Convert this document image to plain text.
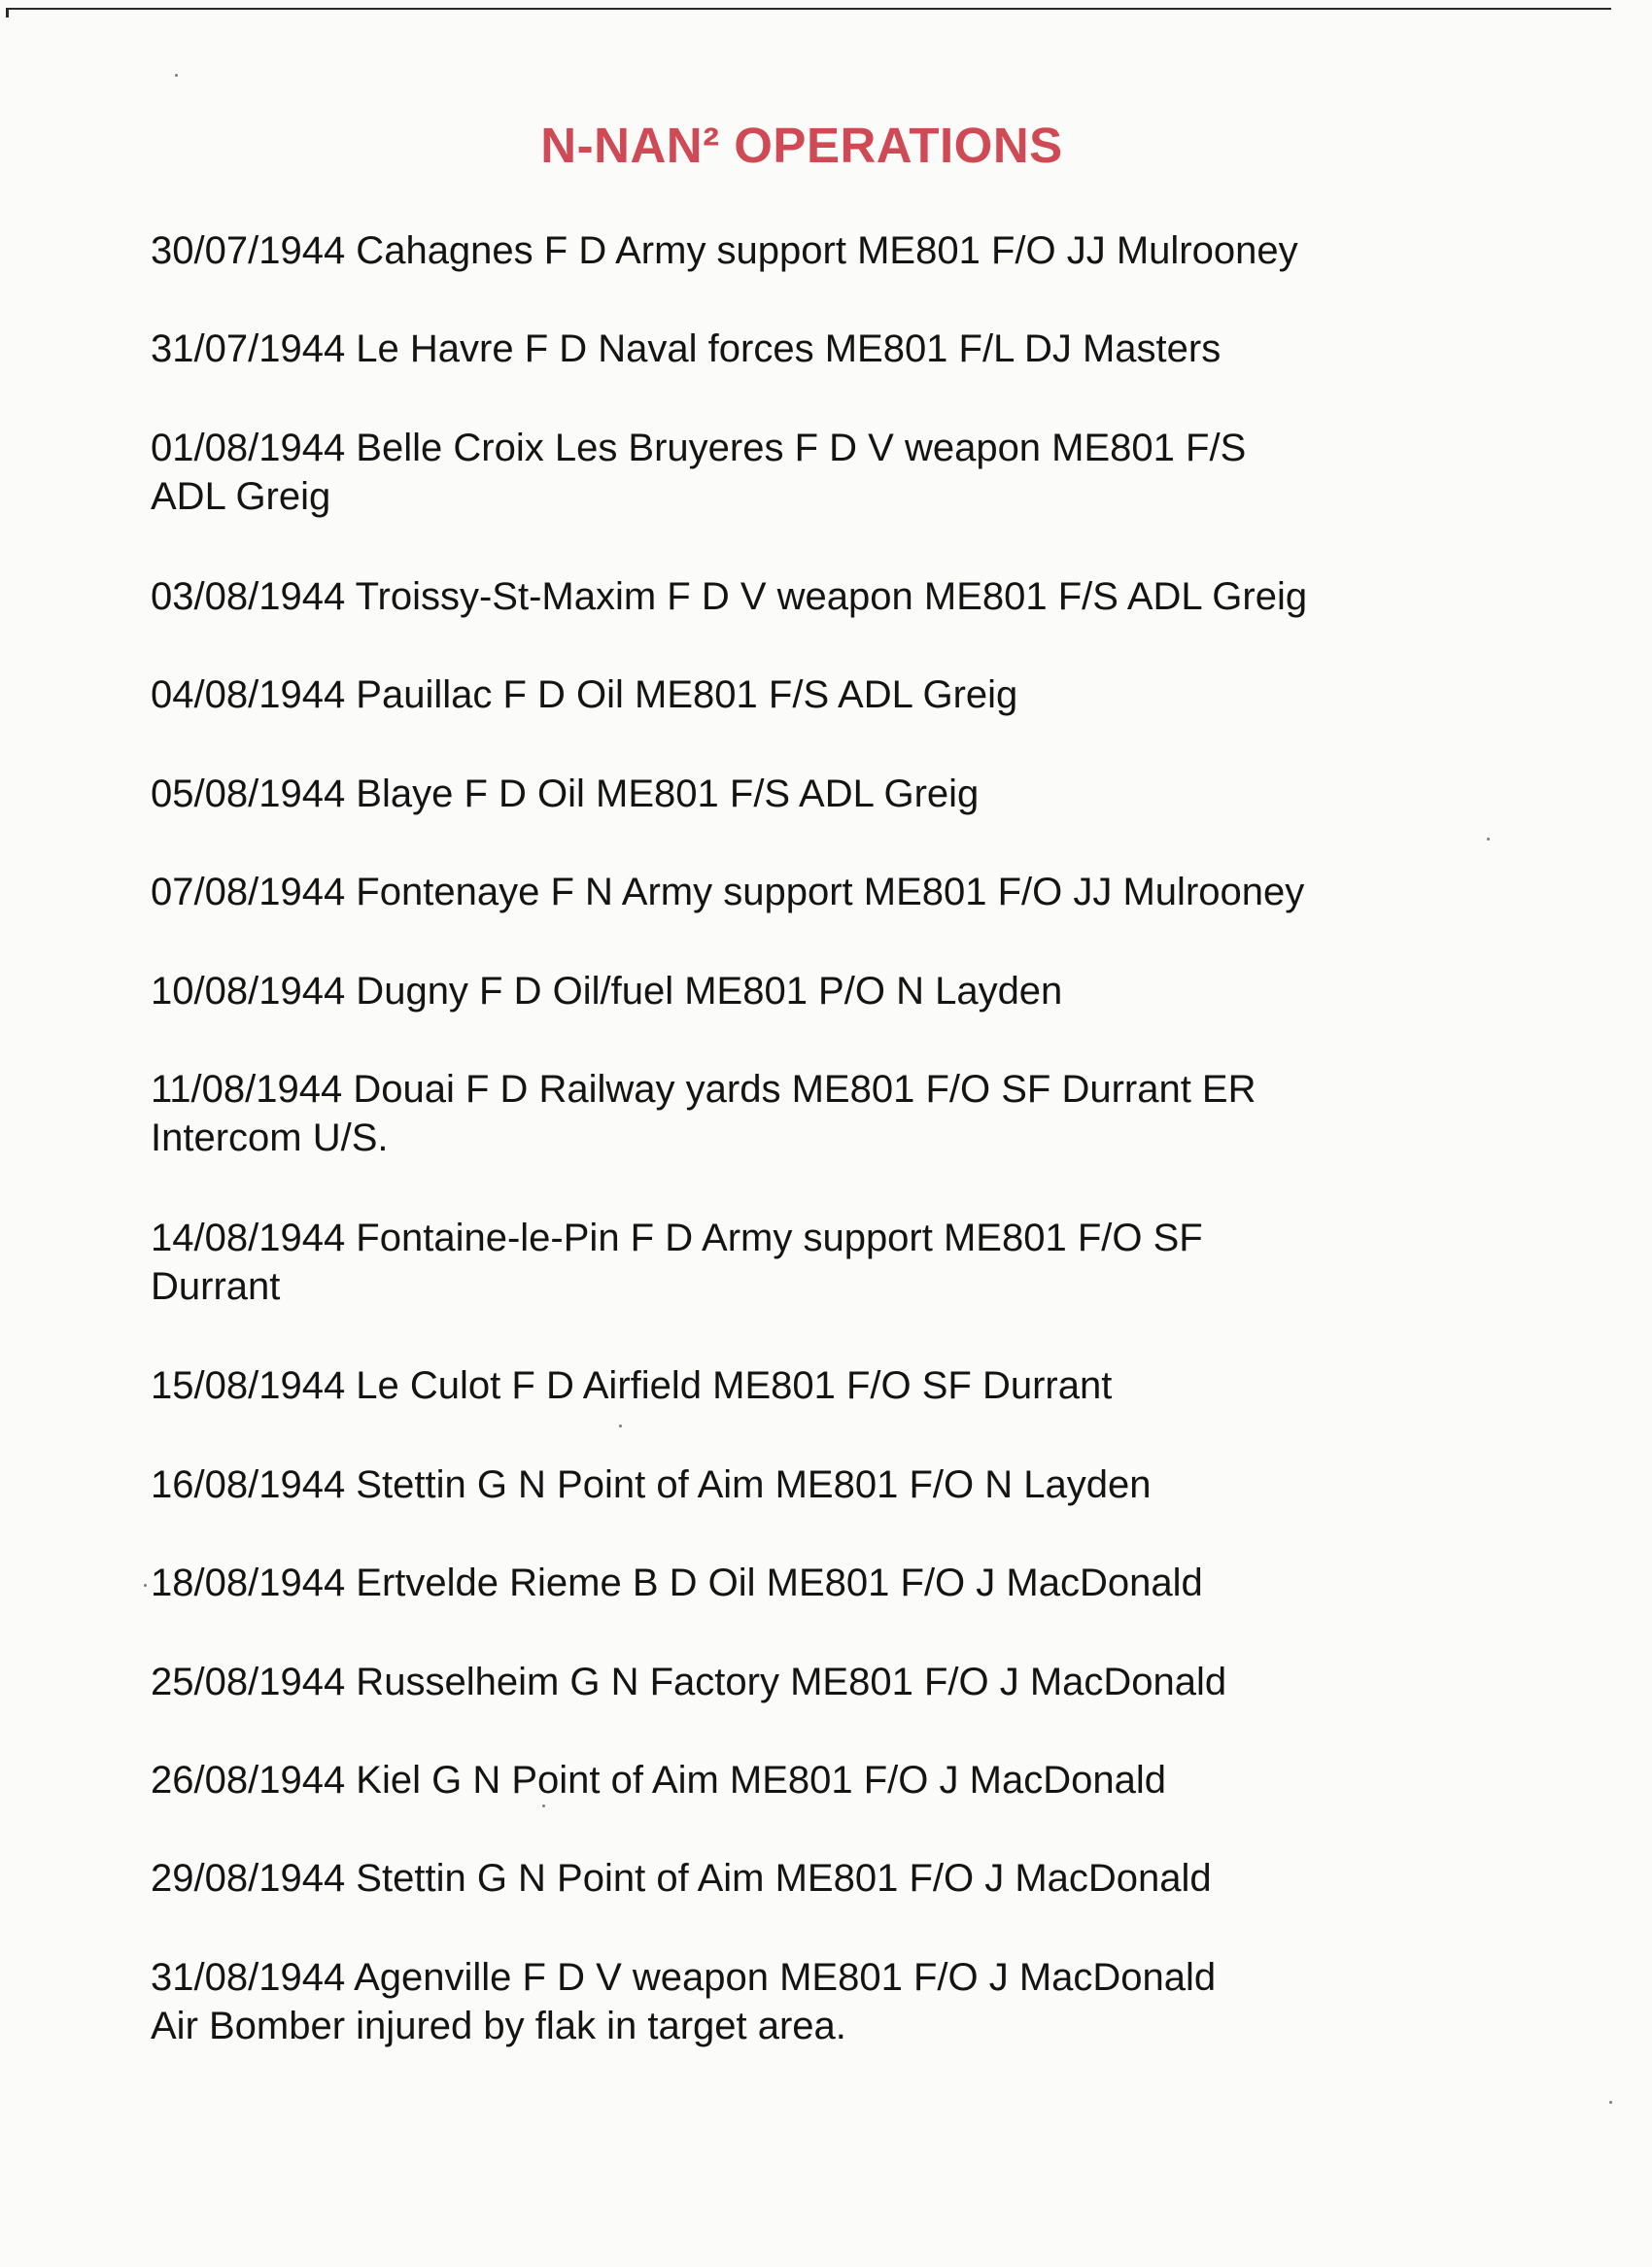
N-NAN² OPERATIONS
30/07/1944 Cahagnes F D Army support ME801 F/O JJ Mulrooney
31/07/1944 Le Havre F D Naval forces ME801 F/L DJ Masters
01/08/1944 Belle Croix Les Bruyeres F D V weapon ME801 F/S
ADL Greig
03/08/1944 Troissy-St-Maxim F D V weapon ME801 F/S ADL Greig
04/08/1944 Pauillac F D Oil ME801 F/S ADL Greig
05/08/1944 Blaye F D Oil ME801 F/S ADL Greig
07/08/1944 Fontenaye F N Army support ME801 F/O JJ Mulrooney
10/08/1944 Dugny F D Oil/fuel ME801 P/O N Layden
11/08/1944 Douai F D Railway yards ME801 F/O SF Durrant ER
Intercom U/S.
14/08/1944 Fontaine-le-Pin F D Army support ME801 F/O SF
Durrant
15/08/1944 Le Culot F D Airfield ME801 F/O SF Durrant
16/08/1944 Stettin G N Point of Aim ME801 F/O N Layden
18/08/1944 Ertvelde Rieme B D Oil ME801 F/O J MacDonald
25/08/1944 Russelheim G N Factory ME801 F/O J MacDonald
26/08/1944 Kiel G N Point of Aim ME801 F/O J MacDonald
29/08/1944 Stettin G N Point of Aim ME801 F/O J MacDonald
31/08/1944 Agenville F D V weapon ME801 F/O J MacDonald
Air Bomber injured by flak in target area.
